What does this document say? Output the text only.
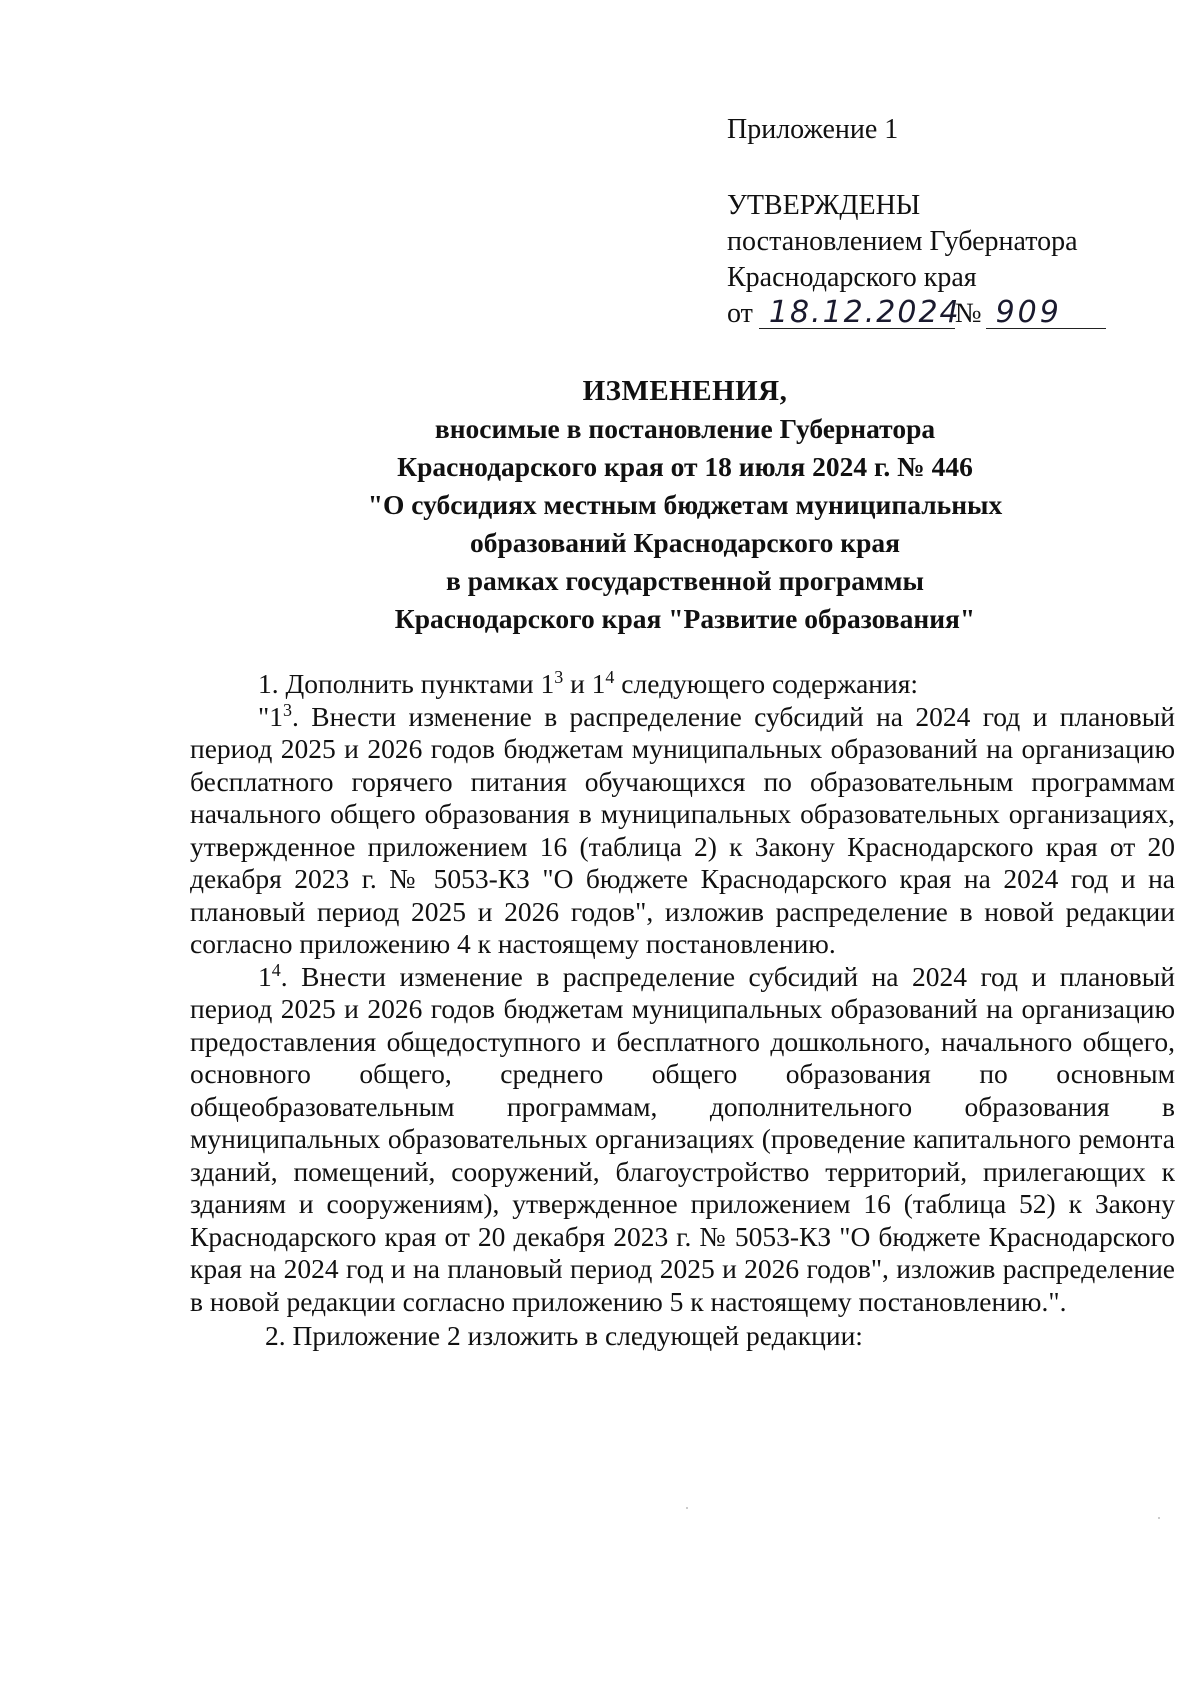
Приложение 1
УТВЕРЖДЕНЫ
постановлением Губернатора
Краснодарского края
от 18.12.2024№ 909
ИЗМЕНЕНИЯ,
вносимые в постановление Губернатора
Краснодарского края от 18 июля 2024 г. № 446
"О субсидиях местным бюджетам муниципальных
образований Краснодарского края
в рамках государственной программы
Краснодарского края "Развитие образования"

1. Дополнить пунктами $1^3$ и $1^4$ следующего содержания:

"$1^3$. Внести изменение в распределение субсидий на 2024 год и плановый период 2025 и 2026 годов бюджетам муниципальных образований на организацию бесплатного горячего питания обучающихся по образовательным программам начального общего образования в муниципальных образовательных организациях, утвержденное приложением 16 (таблица 2) к Закону Краснодарского края от 20 декабря 2023 г. № 5053-КЗ "О бюджете Краснодарского края на 2024 год и на плановый период 2025 и 2026 годов", изложив распределение в новой редакции согласно приложению 4 к настоящему постановлению.

$1^4$. Внести изменение в распределение субсидий на 2024 год и плановый период 2025 и 2026 годов бюджетам муниципальных образований на организацию предоставления общедоступного и бесплатного дошкольного, начального общего, основного общего, среднего общего образования по основным общеобразовательным программам, дополнительного образования в муниципальных образовательных организациях (проведение капитального ремонта зданий, помещений, сооружений, благоустройство территорий, прилегающих к зданиям и сооружениям), утвержденное приложением 16 (таблица 52) к Закону Краснодарского края от 20 декабря 2023 г. № 5053-КЗ "О бюджете Краснодарского края на 2024 год и на плановый период 2025 и 2026 годов", изложив распределение в новой редакции согласно приложению 5 к настоящему постановлению.".

2. Приложение 2 изложить в следующей редакции:
